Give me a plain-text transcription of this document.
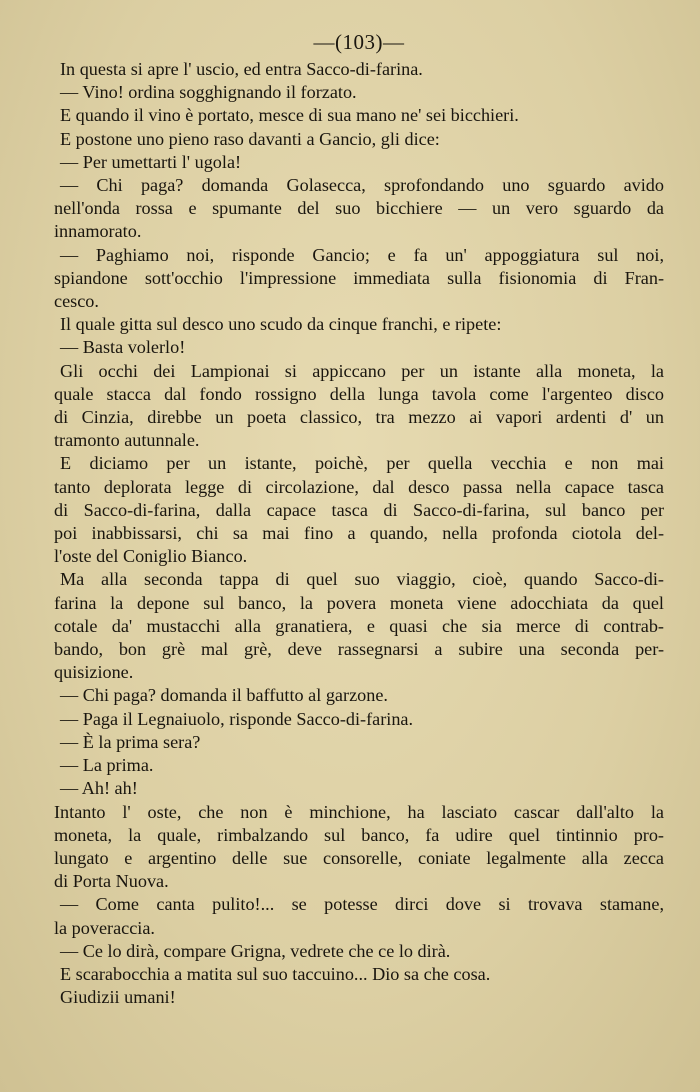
—(103)—
In questa si apre l' uscio, ed entra Sacco-di-farina.
— Vino! ordina sogghignando il forzato.
E quando il vino è portato, mesce di sua mano ne' sei bicchieri.
E postone uno pieno raso davanti a Gancio, gli dice:
— Per umettarti l' ugola!
— Chi paga? domanda Golasecca, sprofondando uno sguardo avido
nell'onda rossa e spumante del suo bicchiere — un vero sguardo da
innamorato.
— Paghiamo noi, risponde Gancio; e fa un' appoggiatura sul noi,
spiandone sott'occhio l'impressione immediata sulla fisionomia di Fran-
cesco.
Il quale gitta sul desco uno scudo da cinque franchi, e ripete:
— Basta volerlo!
Gli occhi dei Lampionai si appiccano per un istante alla moneta, la
quale stacca dal fondo rossigno della lunga tavola come l'argenteo disco
di Cinzia, direbbe un poeta classico, tra mezzo ai vapori ardenti d' un
tramonto autunnale.
E diciamo per un istante, poichè, per quella vecchia e non mai
tanto deplorata legge di circolazione, dal desco passa nella capace tasca
di Sacco-di-farina, dalla capace tasca di Sacco-di-farina, sul banco per
poi inabbissarsi, chi sa mai fino a quando, nella profonda ciotola del-
l'oste del Coniglio Bianco.
Ma alla seconda tappa di quel suo viaggio, cioè, quando Sacco-di-
farina la depone sul banco, la povera moneta viene adocchiata da quel
cotale da' mustacchi alla granatiera, e quasi che sia merce di contrab-
bando, bon grè mal grè, deve rassegnarsi a subire una seconda per-
quisizione.
— Chi paga? domanda il baffutto al garzone.
— Paga il Legnaiuolo, risponde Sacco-di-farina.
— È la prima sera?
— La prima.
— Ah! ah!
Intanto l' oste, che non è minchione, ha lasciato cascar dall'alto la
moneta, la quale, rimbalzando sul banco, fa udire quel tintinnio pro-
lungato e argentino delle sue consorelle, coniate legalmente alla zecca
di Porta Nuova.
— Come canta pulito!... se potesse dirci dove si trovava stamane,
la poveraccia.
— Ce lo dirà, compare Grigna, vedrete che ce lo dirà.
E scarabocchia a matita sul suo taccuino... Dio sa che cosa.
Giudizii umani!
